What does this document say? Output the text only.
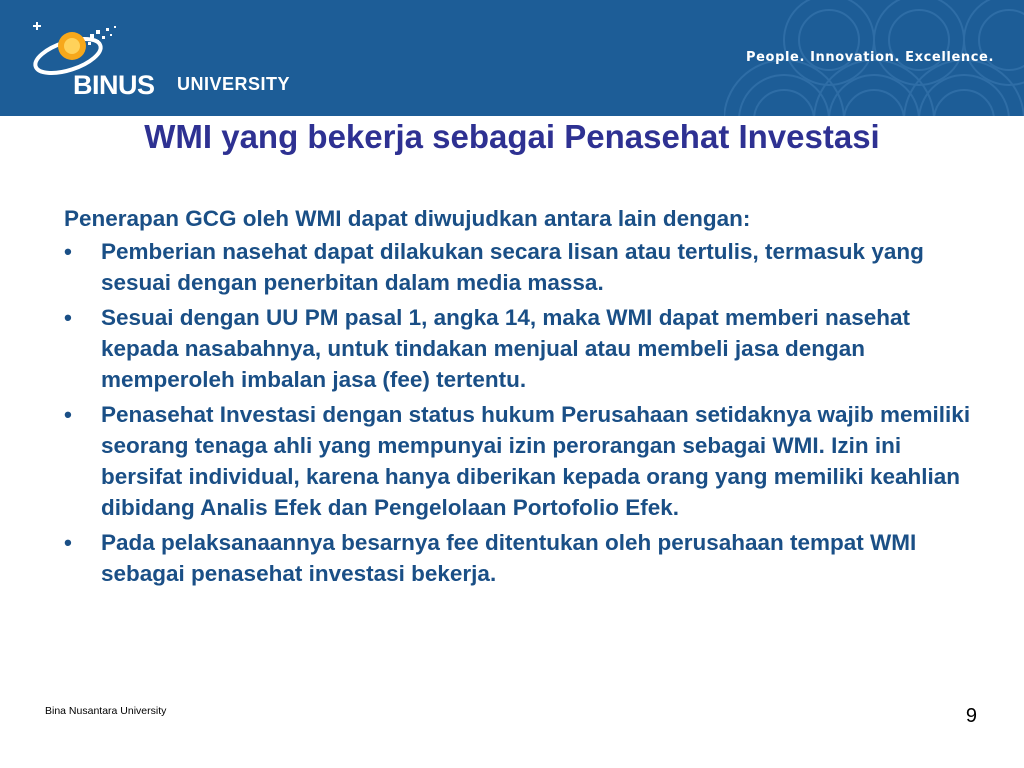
BINUS UNIVERSITY
People. Innovation. Excellence.
WMI yang bekerja sebagai Penasehat Investasi

Penerapan GCG oleh WMI dapat diwujudkan antara lain dengan:

•	Pemberian nasehat dapat dilakukan secara lisan atau tertulis, termasuk yang sesuai dengan penerbitan dalam media massa.
•	Sesuai dengan UU PM pasal 1, angka 14, maka WMI dapat memberi nasehat kepada nasabahnya, untuk tindakan menjual atau membeli jasa dengan memperoleh imbalan jasa (fee) tertentu.
•	Penasehat Investasi dengan status hukum Perusahaan setidaknya wajib memiliki seorang tenaga ahli yang mempunyai izin perorangan sebagai WMI. Izin ini bersifat individual, karena hanya diberikan kepada orang yang memiliki keahlian dibidang Analis Efek dan Pengelolaan Portofolio Efek.
•	Pada pelaksanaannya besarnya fee ditentukan oleh perusahaan tempat WMI sebagai penasehat investasi bekerja.
Bina Nusantara University	9
